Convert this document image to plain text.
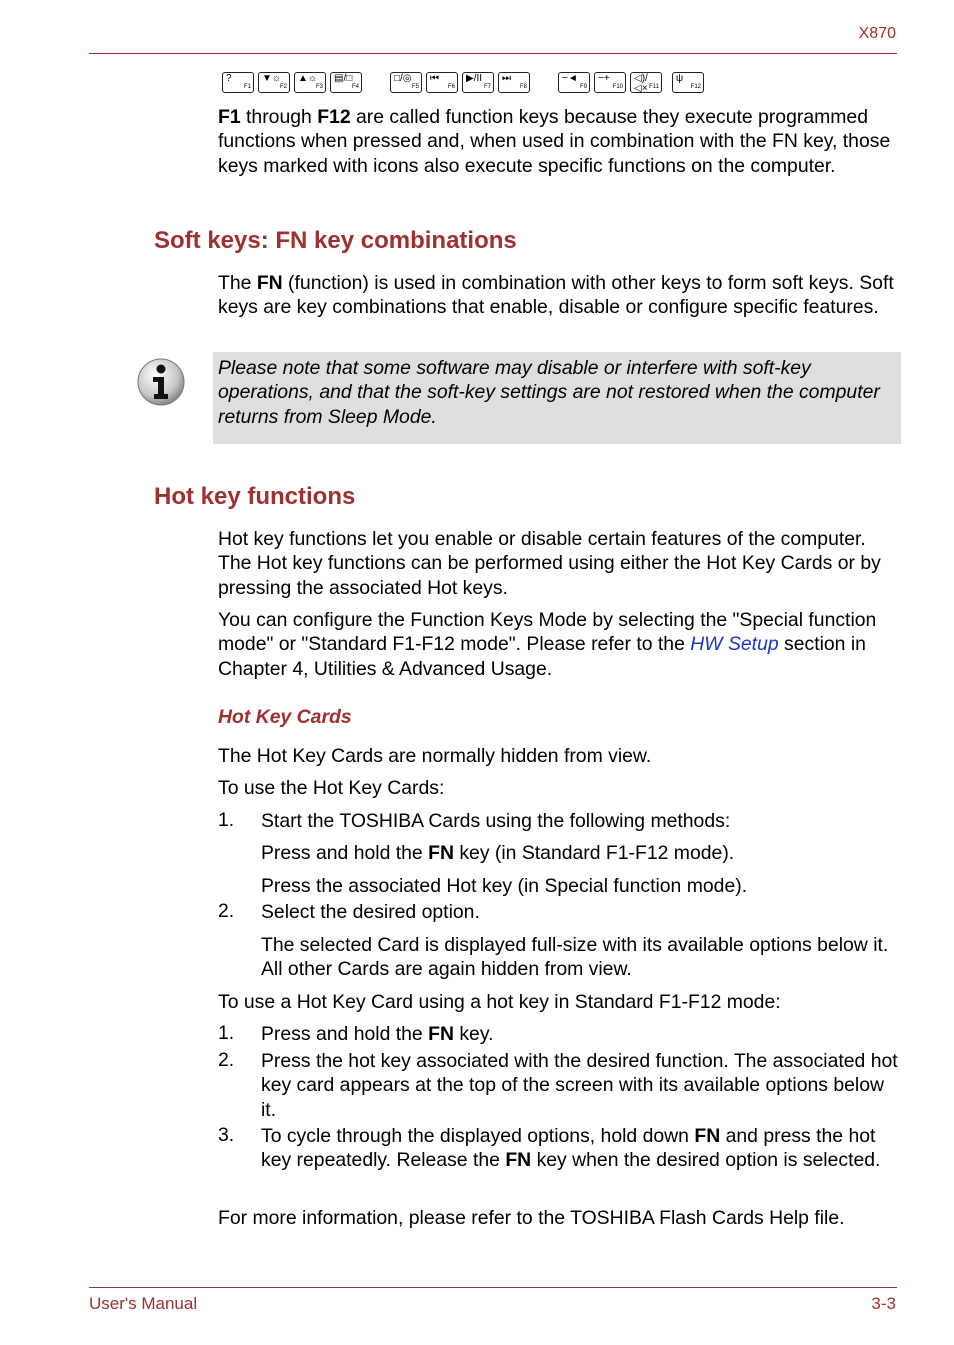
X870
?
F1
▼☼
F2
▲☼
F3
▤/□
F4
□/◎
F5
⏮
F6
▶/II
F7
⏭
F8
−◄
F9
−+
F10
◁)/◁× F11
ψ
F12
F1 through F12 are called function keys because they execute programmed functions when pressed and, when used in combination with the FN key, those keys marked with icons also execute specific functions on the computer.
Soft keys: FN key combinations
The FN (function) is used in combination with other keys to form soft keys. Soft keys are key combinations that enable, disable or configure specific features.
Please note that some software may disable or interfere with soft-key operations, and that the soft-key settings are not restored when the computer returns from Sleep Mode.
Hot key functions
Hot key functions let you enable or disable certain features of the computer. The Hot key functions can be performed using either the Hot Key Cards or by pressing the associated Hot keys.
You can configure the Function Keys Mode by selecting the "Special function mode" or "Standard F1-F12 mode". Please refer to the HW Setup section in Chapter 4, Utilities & Advanced Usage.
Hot Key Cards
The Hot Key Cards are normally hidden from view.
To use the Hot Key Cards:
1. Start the TOSHIBA Cards using the following methods:
Press and hold the FN key (in Standard F1-F12 mode).
Press the associated Hot key (in Special function mode).
2. Select the desired option.
The selected Card is displayed full-size with its available options below it. All other Cards are again hidden from view.
To use a Hot Key Card using a hot key in Standard F1-F12 mode:
1. Press and hold the FN key.
2. Press the hot key associated with the desired function. The associated hot key card appears at the top of the screen with its available options below it.
3. To cycle through the displayed options, hold down FN and press the hot key repeatedly. Release the FN key when the desired option is selected.
For more information, please refer to the TOSHIBA Flash Cards Help file.
User's Manual	3-3
